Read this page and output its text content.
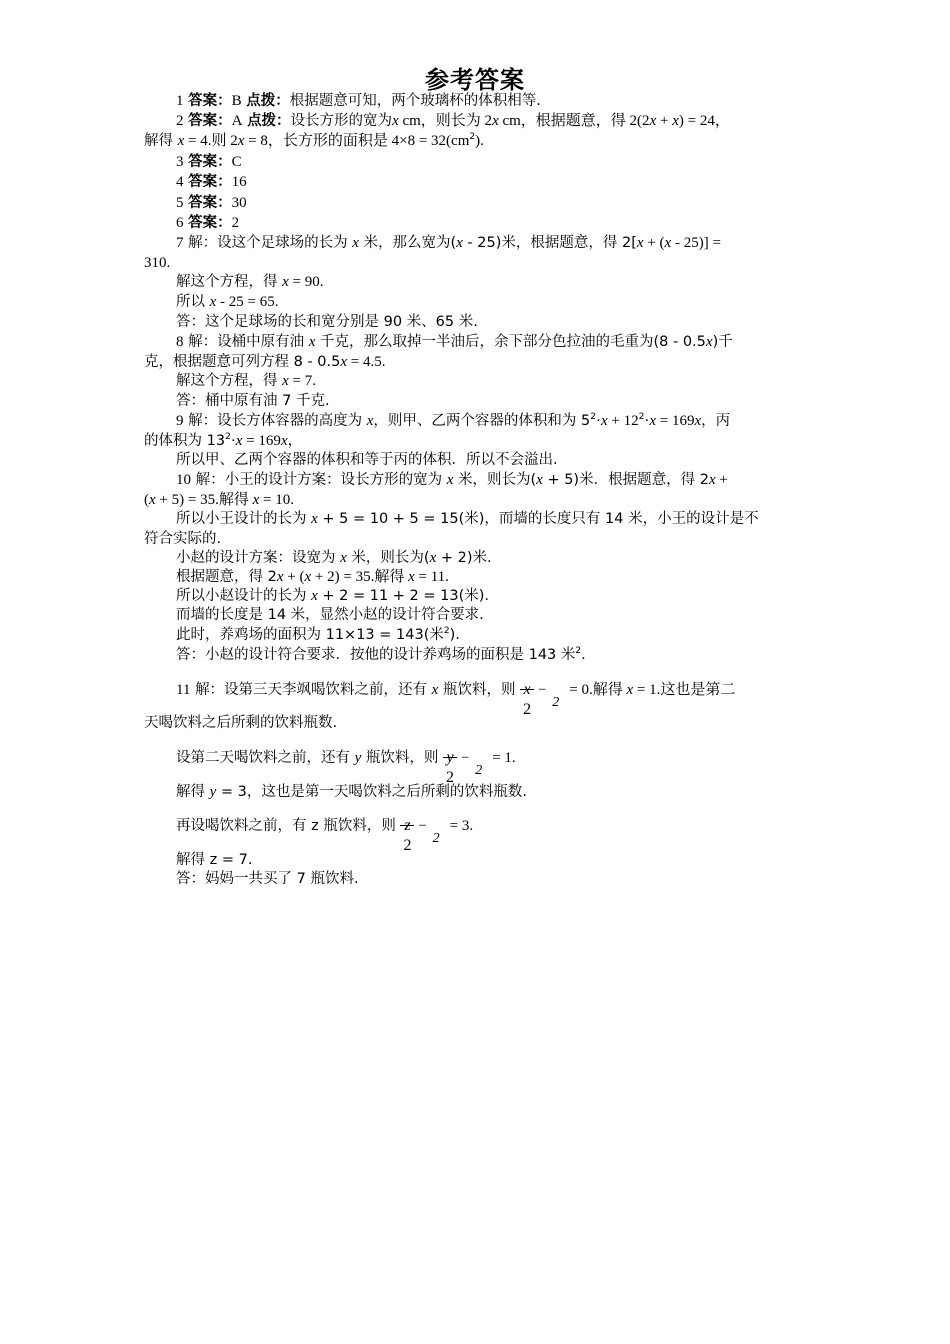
参考答案
1 答案：B 点拨：根据题意可知，两个玻璃杯的体积相等.
2 答案：A 点拨：设长方形的宽为x cm，则长为 2x cm，根据题意，得 2(2x + x) = 24，
解得 x = 4.则 2x = 8，长方形的面积是 $4\times 8 = 32(cm^2)$.
3 答案：C
4 答案：16
5 答案：30
6 答案：2
7 解：设这个足球场的长为 x 米，那么宽为(x - 25)米，根据题意，得 2[x + (x - 25)] =
310.
解这个方程，得 x = 90.
所以 x - 25 = 65.
答：这个足球场的长和宽分别是 90 米、65 米.
8 解：设桶中原有油 x 千克，那么取掉一半油后，余下部分色拉油的毛重为(8 - 0.5x)千
克，根据题意可列方程 8 - 0.5x = 4.5.
解这个方程，得 x = 7.
答：桶中原有油 7 千克.
9 解：设长方体容器的高度为 x，则甲、乙两个容器的体积和为 $5^2\cdot x + 12^2\cdot x = 169x$，丙
的体积为 $13^2\cdot x = 169x$，
所以甲、乙两个容器的体积和等于丙的体积．所以不会溢出.
10 解：小王的设计方案：设长方形的宽为 x 米，则长为(x + 5)米．根据题意，得 2x +
(x + 5) = 35.解得 x = 10.
所以小王设计的长为 x + 5 = 10 + 5 = 15(米)，而墙的长度只有 14 米，小王的设计是不
符合实际的.
小赵的设计方案：设宽为 x 米，则长为(x + 2)米.
根据题意，得 2x + (x + 2) = 35.解得 x = 11.
所以小赵设计的长为 x + 2 = 11 + 2 = 13(米).
而墙的长度是 14 米，显然小赵的设计符合要求.
此时，养鸡场的面积为 11×13 = 143(米$^2$).
答：小赵的设计符合要求．按他的设计养鸡场的面积是 143 米$^2$.
11 解：设第三天李飒喝饮料之前，还有 x 瓶饮料，则 x
2
−2= 0.解得 x = 1.这也是第二
天喝饮料之后所剩的饮料瓶数.
设第二天喝饮料之前，还有 y 瓶饮料，则 y
2
−2= 1.
解得 y = 3，这也是第一天喝饮料之后所剩的饮料瓶数.
再设喝饮料之前，有 z 瓶饮料，则 z
2
−2= 3.
解得 z = 7.
答：妈妈一共买了 7 瓶饮料.
